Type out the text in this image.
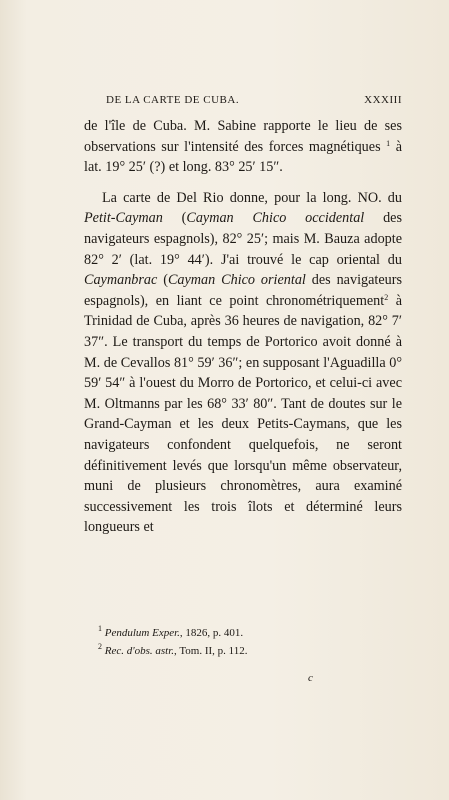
DE LA CARTE DE CUBA.	XXXIII

de l'île de Cuba. M. Sabine rapporte le lieu de ses observations sur l'intensité des forces magnétiques $^1$ à lat. 19° 25′ (?) et long. 83° 25′ 15″.

La carte de Del Rio donne, pour la long. NO. du Petit-Cayman (Cayman Chico occidental des navigateurs espagnols), 82° 25′; mais M. Bauza adopte 82° 2′ (lat. 19° 44′). J'ai trouvé le cap oriental du Caymanbrac (Cayman Chico oriental des navigateurs espagnols), en liant ce point chronométriquement$^2$ à Trinidad de Cuba, après 36 heures de navigation, 82° 7′ 37″. Le transport du temps de Portorico avoit donné à M. de Cevallos 81° 59′ 36″; en supposant l'Aguadilla 0° 59′ 54″ à l'ouest du Morro de Portorico, et celui-ci avec M. Oltmanns par les 68° 33′ 80″. Tant de doutes sur le Grand-Cayman et les deux Petits-Caymans, que les navigateurs confondent quelquefois, ne seront définitivement levés que lorsqu'un même observateur, muni de plusieurs chronomètres, aura examiné successivement les trois îlots et déterminé leurs longueurs et

$^1$ Pendulum Exper., 1826, p. 401.
$^2$ Rec. d'obs. astr., Tom. II, p. 112.
c
